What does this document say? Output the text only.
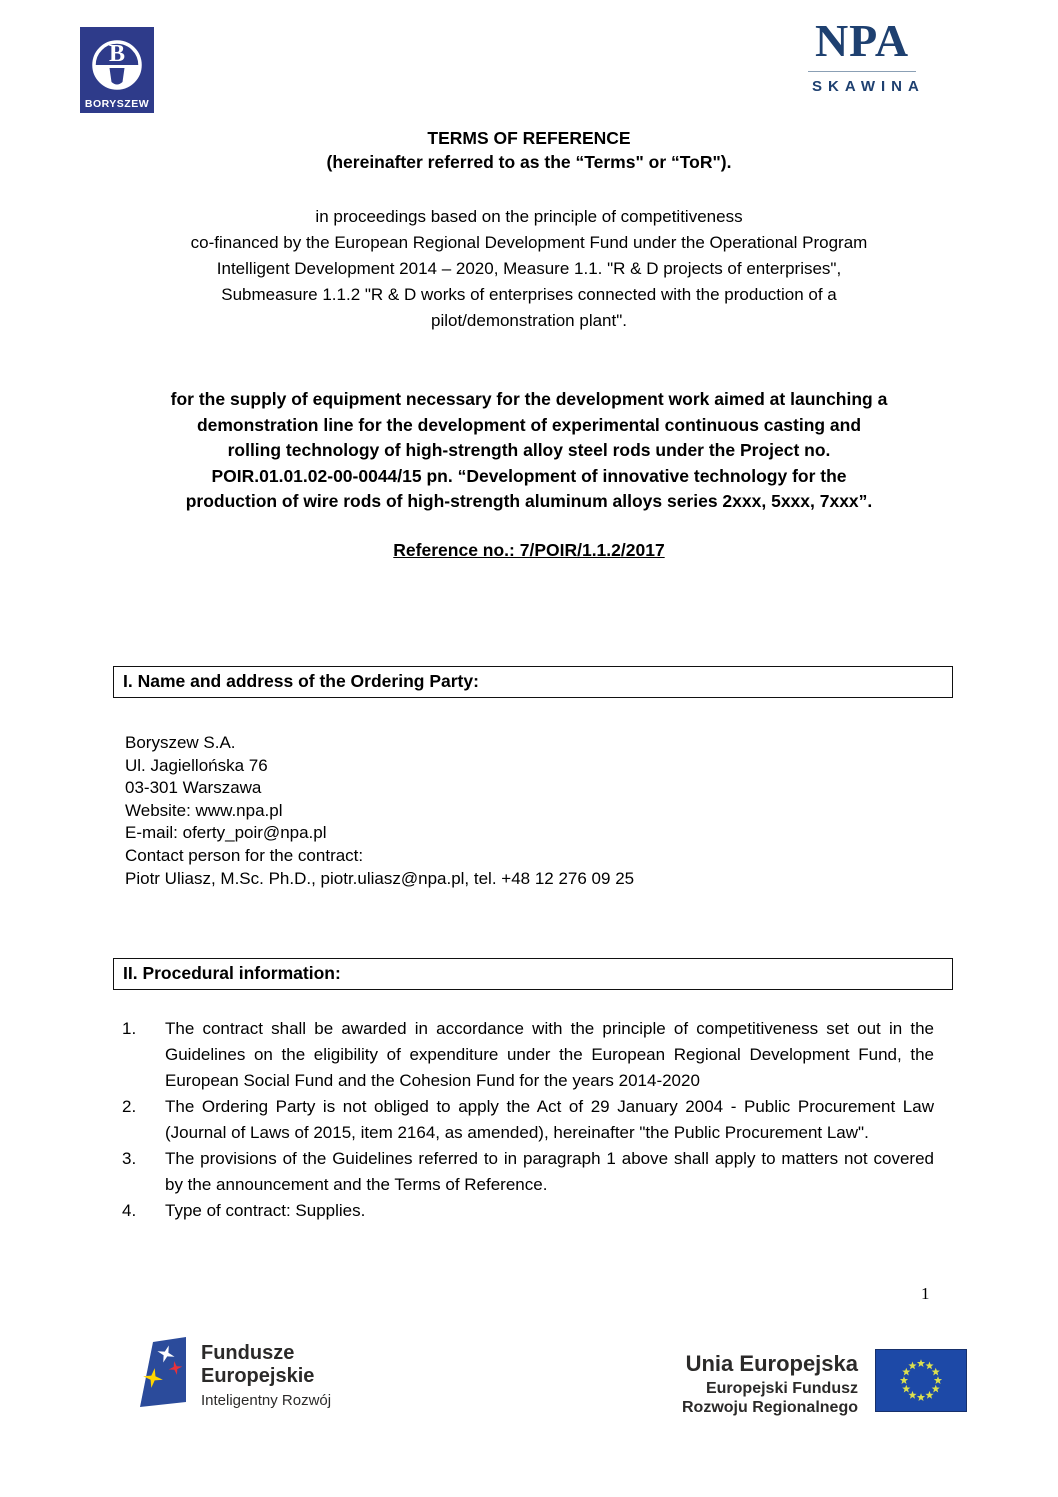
B
BORYSZEW
NPA
SKAWINA
TERMS OF REFERENCE
(hereinafter referred to as the “Terms" or “ToR").
in proceedings based on the principle of competitiveness
co-financed by the European Regional Development Fund under the Operational Program
Intelligent Development 2014 – 2020, Measure 1.1. "R & D projects of enterprises",
Submeasure 1.1.2 "R & D works of enterprises connected with the production of a
pilot/demonstration plant".
for the supply of equipment necessary for the development work aimed at launching a
demonstration line for the development of experimental continuous casting and
rolling technology of high-strength alloy steel rods under the Project no.
POIR.01.01.02-00-0044/15 pn. “Development of innovative technology for the
production of wire rods of high-strength aluminum alloys series 2xxx, 5xxx, 7xxx”.
Reference no.: 7/POIR/1.1.2/2017
I. Name and address of the Ordering Party:
Boryszew S.A.
Ul. Jagiellońska 76
03-301 Warszawa
Website: www.npa.pl
E-mail: oferty_poir@npa.pl
Contact person for the contract:
Piotr Uliasz, M.Sc. Ph.D., piotr.uliasz@npa.pl, tel. +48 12 276 09 25
II. Procedural information:
The contract shall be awarded in accordance with the principle of competitiveness set out in the Guidelines on the eligibility of expenditure under the European Regional Development Fund, the European Social Fund and the Cohesion Fund for the years 2014-2020
The Ordering Party is not obliged to apply the Act of 29 January 2004 - Public Procurement Law (Journal of Laws of 2015, item 2164, as amended), hereinafter "the Public Procurement Law".
The provisions of the Guidelines referred to in paragraph 1 above shall apply to matters not covered by the announcement and the Terms of Reference.
Type of contract: Supplies.
1
Fundusze
Europejskie
Inteligentny Rozwój
Unia Europejska
Europejski Fundusz
Rozwoju Regionalnego
